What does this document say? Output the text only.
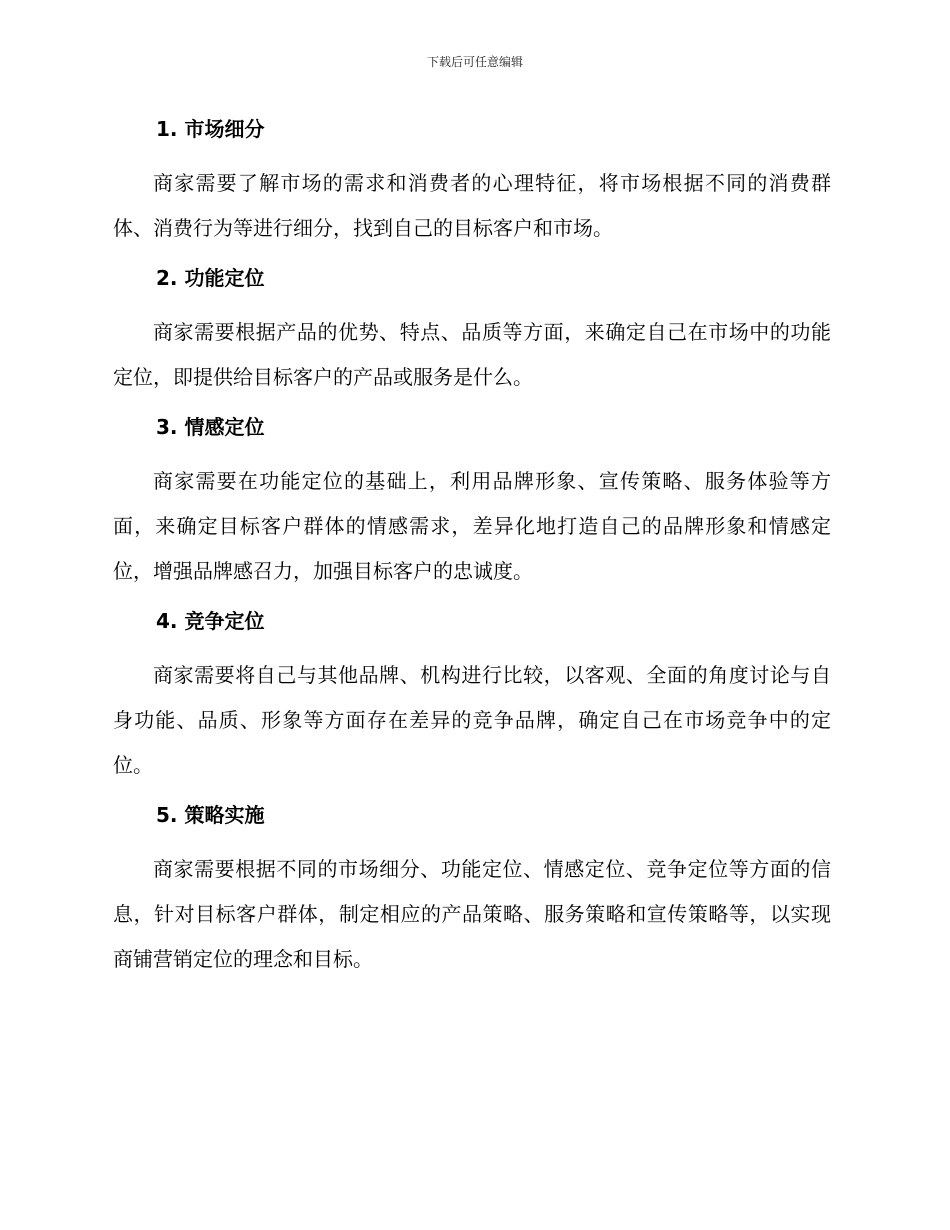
下载后可任意编辑
1. 市场细分

商家需要了解市场的需求和消费者的心理特征，将市场根据不同的消费群体、消费行为等进行细分，找到自己的目标客户和市场。

2. 功能定位

商家需要根据产品的优势、特点、品质等方面，来确定自己在市场中的功能定位，即提供给目标客户的产品或服务是什么。

3. 情感定位

商家需要在功能定位的基础上，利用品牌形象、宣传策略、服务体验等方面，来确定目标客户群体的情感需求，差异化地打造自己的品牌形象和情感定位，增强品牌感召力，加强目标客户的忠诚度。

4. 竞争定位

商家需要将自己与其他品牌、机构进行比较，以客观、全面的角度讨论与自身功能、品质、形象等方面存在差异的竞争品牌，确定自己在市场竞争中的定位。

5. 策略实施

商家需要根据不同的市场细分、功能定位、情感定位、竞争定位等方面的信息，针对目标客户群体，制定相应的产品策略、服务策略和宣传策略等，以实现商铺营销定位的理念和目标。
